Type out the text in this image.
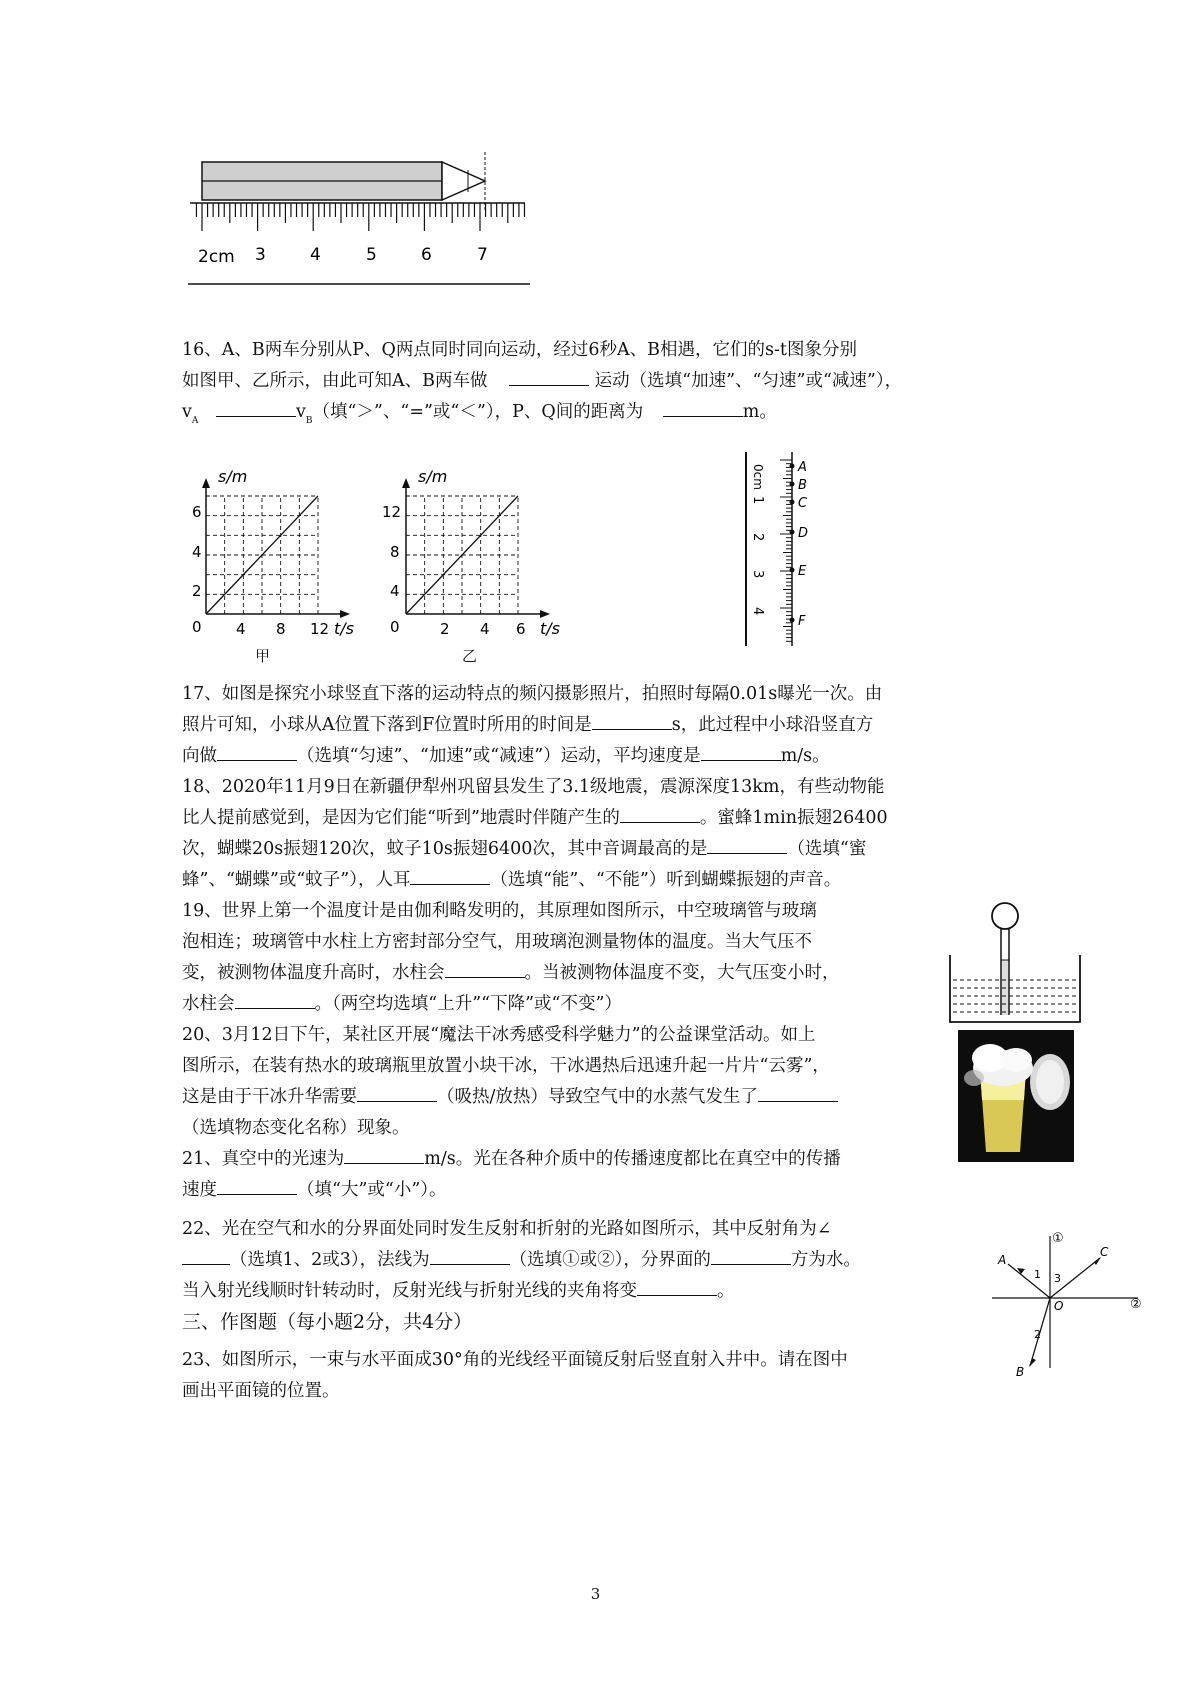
2cm 3	4	5	6	7
16、A、B两车分别从P、Q两点同时同向运动，经过6秒A、B相遇，它们的s-t图象分别
如图甲、乙所示，由此可知A、B两车做	运动（选填“加速”、“匀速”或“减速”），
$v_A$	$v_B$（填“＞”、“=”或“＜”），P、Q间的距离为	m。
s/m
t/s
6
4
2
0 4 8 12
甲
s/m
t/s
12
8
4
0	2 4 6
乙
0cm
1
2
3
4
A
B
C
D
E
F
17、如图是探究小球竖直下落的运动特点的频闪摄影照片，拍照时每隔0.01s曝光一次。由
照片可知，小球从A位置下落到F位置时所用的时间是	s，此过程中小球沿竖直方
向做	（选填“匀速”、“加速”或“减速”）运动，平均速度是	m/s。
18、2020年11月9日在新疆伊犁州巩留县发生了3.1级地震，震源深度13km，有些动物能
比人提前感觉到，是因为它们能“听到”地震时伴随产生的	。蜜蜂1min振翅26400
次，蝴蝶20s振翅120次，蚊子10s振翅6400次，其中音调最高的是	（选填“蜜
蜂”、“蝴蝶”或“蚊子”），人耳	（选填“能”、“不能”）听到蝴蝶振翅的声音。
19、世界上第一个温度计是由伽利略发明的，其原理如图所示，中空玻璃管与玻璃
泡相连；玻璃管中水柱上方密封部分空气，用玻璃泡测量物体的温度。当大气压不
变，被测物体温度升高时，水柱会	。当被测物体温度不变，大气压变小时，
水柱会	。（两空均选填“上升”“下降”或“不变”）
20、3月12日下午，某社区开展“魔法干冰秀感受科学魅力”的公益课堂活动。如上
图所示，在装有热水的玻璃瓶里放置小块干冰，干冰遇热后迅速升起一片片“云雾”，
这是由于干冰升华需要	（吸热/放热）导致空气中的水蒸气发生了
（选填物态变化名称）现象。
21、真空中的光速为	m/s。光在各种介质中的传播速度都比在真空中的传播
速度	（填“大”或“小”）。
22、光在空气和水的分界面处同时发生反射和折射的光路如图所示，其中反射角为∠
（选填1、2或3），法线为	（选填①或②），分界面的	方为水。
当入射光线顺时针转动时，反射光线与折射光线的夹角将变	。
①
②
A
B
C
O
1
2
3
三、作图题（每小题2分，共4分）
23、如图所示，一束与水平面成30°角的光线经平面镜反射后竖直射入井中。请在图中
画出平面镜的位置。
3
